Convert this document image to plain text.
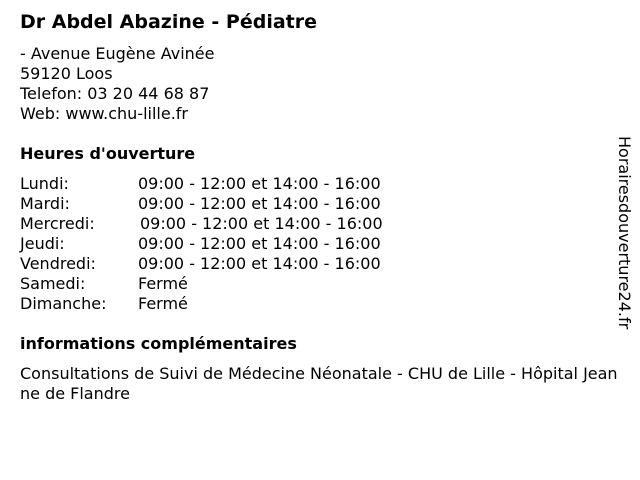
Dr Abdel Abazine - Pédiatre
- Avenue Eugène Avinée
59120 Loos
Telefon: 03 20 44 68 87
Web: www.chu-lille.fr
Heures d'ouverture
Lundi:	09:00 - 12:00 et 14:00 - 16:00
Mardi:	09:00 - 12:00 et 14:00 - 16:00
Mercredi:	09:00 - 12:00 et 14:00 - 16:00
Jeudi:	09:00 - 12:00 et 14:00 - 16:00
Vendredi:	09:00 - 12:00 et 14:00 - 16:00
Samedi:	Fermé
Dimanche: Fermé
informations complémentaires
Consultations de Suivi de Médecine Néonatale - CHU de Lille - Hôpital Jeanne de Flandre
Horairesdouverture24.fr
